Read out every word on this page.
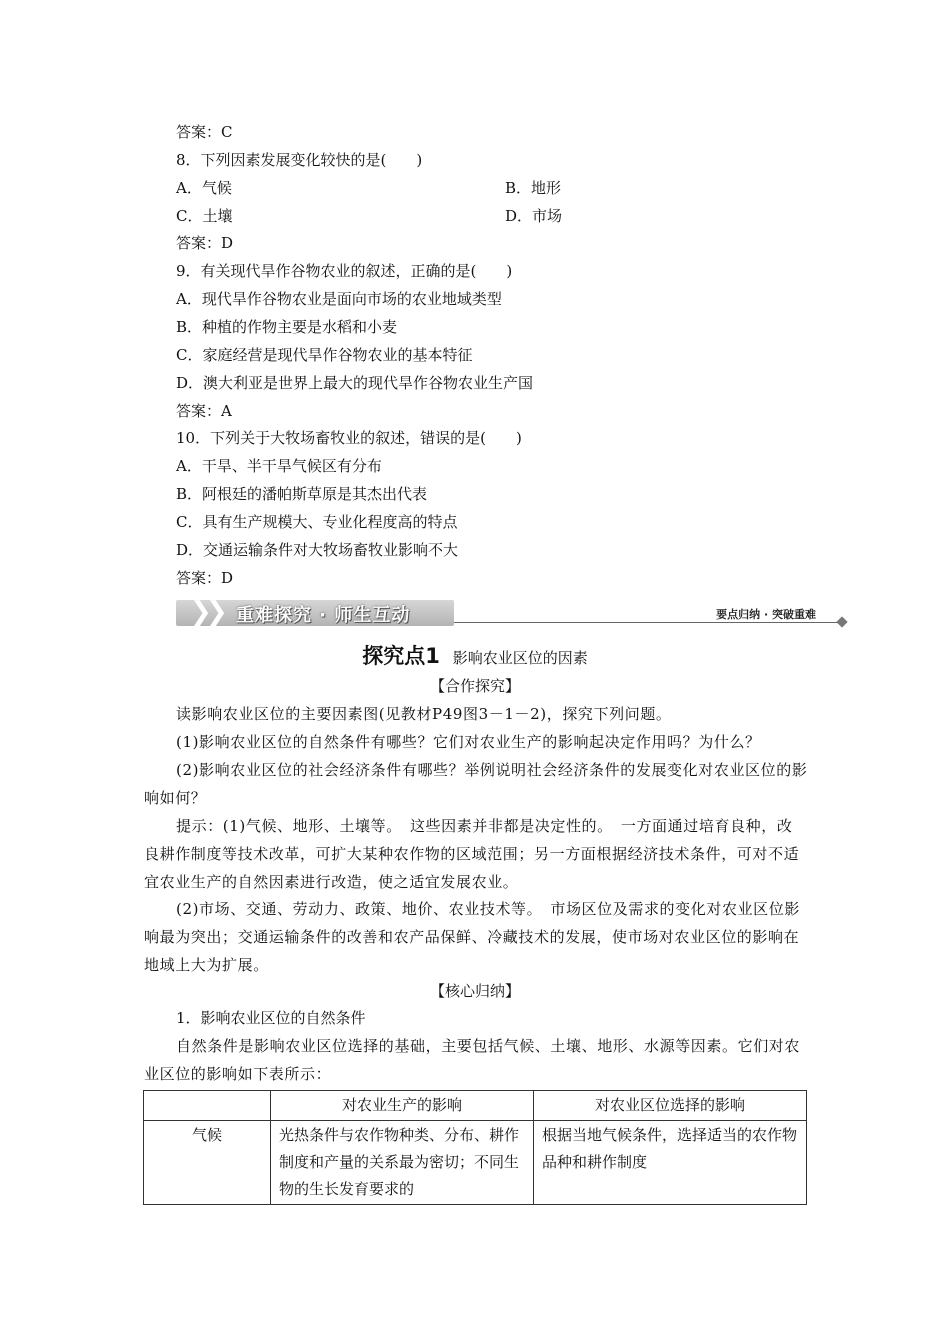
答案：C
8．下列因素发展变化较快的是(　　)
A．气候	B．地形
C．土壤	D．市场
答案：D
9．有关现代旱作谷物农业的叙述，正确的是(　　)
A．现代旱作谷物农业是面向市场的农业地域类型
B．种植的作物主要是水稻和小麦
C．家庭经营是现代旱作谷物农业的基本特征
D．澳大利亚是世界上最大的现代旱作谷物农业生产国
答案：A
10．下列关于大牧场畜牧业的叙述，错误的是(　　)
A．干旱、半干旱气候区有分布
B．阿根廷的潘帕斯草原是其杰出代表
C．具有生产规模大、专业化程度高的特点
D．交通运输条件对大牧场畜牧业影响不大
答案：D
❯
❯ 重难探究 · 师生互动	要点归纳 · 突破重难
探究点1 影响农业区位的因素
【合作探究】
读影响农业区位的主要因素图(见教材P49图3－1－2)，探究下列问题。
(1)影响农业区位的自然条件有哪些？它们对农业生产的影响起决定作用吗？为什么？
(2)影响农业区位的社会经济条件有哪些？举例说明社会经济条件的发展变化对农业区位的影响如何？
提示：(1)气候、地形、土壤等。　这些因素并非都是决定性的。　一方面通过培育良种，改良耕作制度等技术改革，可扩大某种农作物的区域范围；另一方面根据经济技术条件，可对不适宜农业生产的自然因素进行改造，使之适宜发展农业。
(2)市场、交通、劳动力、政策、地价、农业技术等。　市场区位及需求的变化对农业区位影响最为突出；交通运输条件的改善和农产品保鲜、冷藏技术的发展，使市场对农业区位的影响在地域上大为扩展。
【核心归纳】
1．影响农业区位的自然条件
自然条件是影响农业区位选择的基础，主要包括气候、土壤、地形、水源等因素。它们对农业区位的影响如下表所示：
	对农业生产的影响	对农业区位选择的影响
气候	光热条件与农作物种类、分布、耕作制度和产量的关系最为密切；不同生物的生长发育要求的	根据当地气候条件，选择适当的农作物品种和耕作制度
